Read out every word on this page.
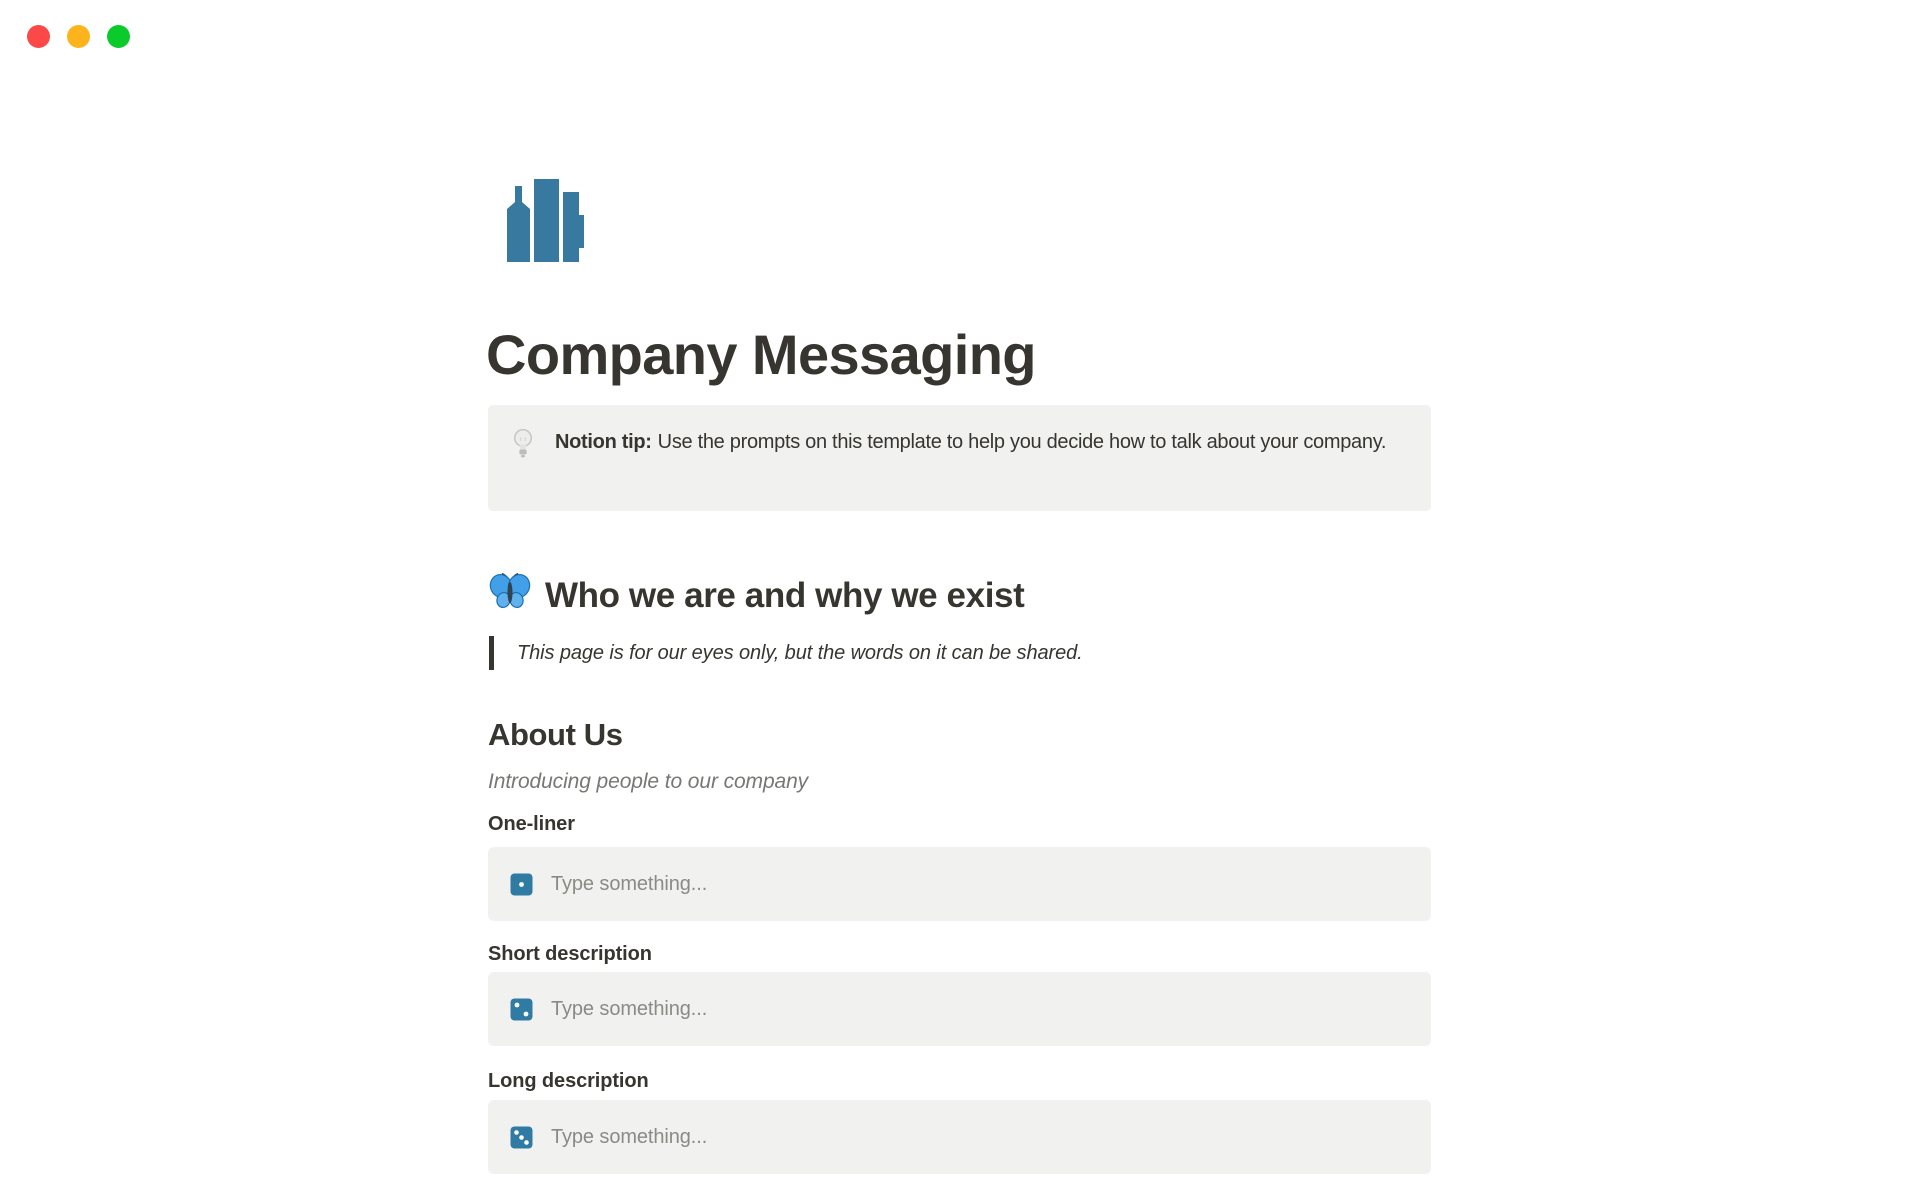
Company Messaging

Notion tip: Use the prompts on this template to help you decide how to talk about your company.

Who we are and why we exist
This page is for our eyes only, but the words on it can be shared.
About Us
Introducing people to our company
One-liner
Type something...
Short description
Type something...
Long description
Type something...
